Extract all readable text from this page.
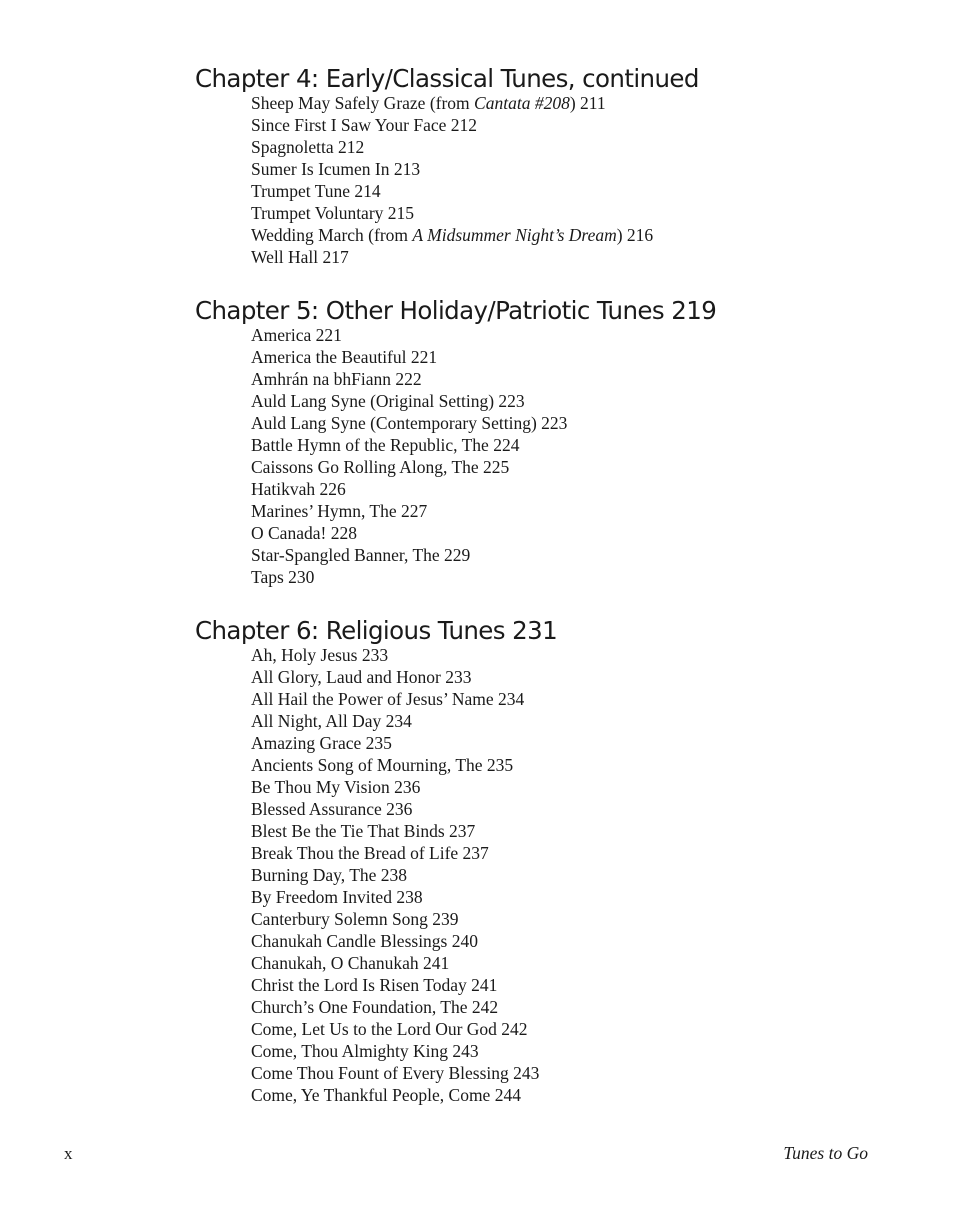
Chapter 4: Early/Classical Tunes, continued
Sheep May Safely Graze (from Cantata #208) 211
Since First I Saw Your Face 212
Spagnoletta 212
Sumer Is Icumen In 213
Trumpet Tune 214
Trumpet Voluntary 215
Wedding March (from A Midsummer Night’s Dream) 216
Well Hall 217
Chapter 5: Other Holiday/Patriotic Tunes 219
America 221
America the Beautiful 221
Amhrán na bhFiann 222
Auld Lang Syne (Original Setting) 223
Auld Lang Syne (Contemporary Setting) 223
Battle Hymn of the Republic, The 224
Caissons Go Rolling Along, The 225
Hatikvah 226
Marines’ Hymn, The 227
O Canada! 228
Star-Spangled Banner, The 229
Taps 230
Chapter 6: Religious Tunes 231
Ah, Holy Jesus 233
All Glory, Laud and Honor 233
All Hail the Power of Jesus’ Name 234
All Night, All Day 234
Amazing Grace 235
Ancients Song of Mourning, The 235
Be Thou My Vision 236
Blessed Assurance 236
Blest Be the Tie That Binds 237
Break Thou the Bread of Life 237
Burning Day, The 238
By Freedom Invited 238
Canterbury Solemn Song 239
Chanukah Candle Blessings 240
Chanukah, O Chanukah 241
Christ the Lord Is Risen Today 241
Church’s One Foundation, The 242
Come, Let Us to the Lord Our God 242
Come, Thou Almighty King 243
Come Thou Fount of Every Blessing 243
Come, Ye Thankful People, Come 244
x	Tunes to Go
